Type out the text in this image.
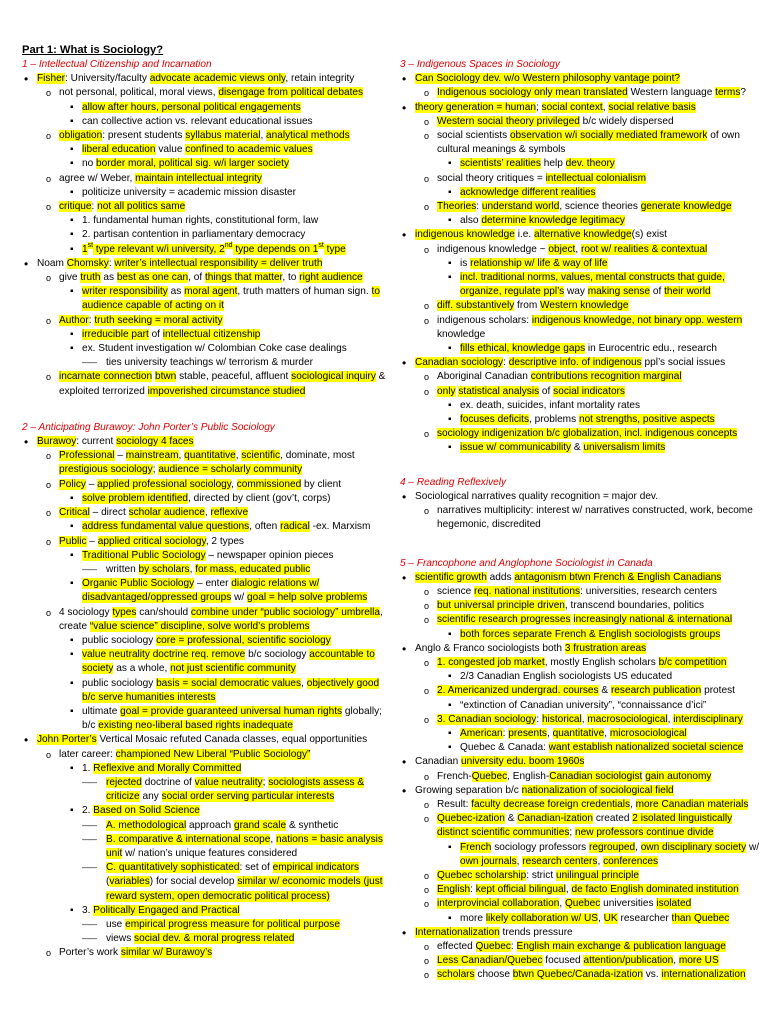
Part 1: What is Sociology?
1 – Intellectual Citizenship and Incarnation
• Fisher: University/faculty advocate academic views only, retain integrity
o not personal, political, moral views, disengage from political debates
▪ allow after hours, personal political engagements
▪ can collective action vs. relevant educational issues
o obligation: present students syllabus material, analytical methods
▪ liberal education value confined to academic values
▪ no border moral, political sig. w/i larger society
o agree w/ Weber, maintain intellectual integrity
▪ politicize university = academic mission disaster
o critique: not all politics same
▪ 1. fundamental human rights, constitutional form, law
▪ 2. partisan contention in parliamentary democracy
▪ 1st type relevant w/i university, 2nd type depends on 1st type
• Noam Chomsky: writer’s intellectual responsibility = deliver truth
o give truth as best as one can, of things that matter, to right audience
▪ writer responsibility as moral agent, truth matters of human sign. to audience capable of acting on it
o Author: truth seeking = moral activity
▪ irreducible part of intellectual citizenship
▪ ex. Student investigation w/ Colombian Coke case dealings
—— ties university teachings w/ terrorism & murder
o incarnate connection btwn stable, peaceful, affluent sociological inquiry & exploited terrorized impoverished circumstance studied
2 – Anticipating Burawoy: John Porter’s Public Sociology
• Burawoy: current sociology 4 faces
o Professional – mainstream, quantitative, scientific, dominate, most prestigious sociology; audience = scholarly community
o Policy – applied professional sociology, commissioned by client
▪ solve problem identified, directed by client (gov’t, corps)
o Critical – direct scholar audience, reflexive
▪ address fundamental value questions, often radical -ex. Marxism
o Public – applied critical sociology, 2 types
▪ Traditional Public Sociology – newspaper opinion pieces
—— written by scholars, for mass, educated public
▪ Organic Public Sociology – enter dialogic relations w/ disadvantaged/oppressed groups w/ goal = help solve problems
o 4 sociology types can/should combine under “public sociology” umbrella, create “value science” discipline, solve world’s problems
▪ public sociology core = professional, scientific sociology
▪ value neutrality doctrine req. remove b/c sociology accountable to society as a whole, not just scientific community
▪ public sociology basis = social democratic values, objectively good b/c serve humanities interests
▪ ultimate goal = provide guaranteed universal human rights globally; b/c existing neo-liberal based rights inadequate
• John Porter’s Vertical Mosaic refuted Canada classes, equal opportunities
o later career: championed New Liberal “Public Sociology”
▪ 1. Reflexive and Morally Committed
—— rejected doctrine of value neutrality; sociologists assess & criticize any social order serving particular interests
▪ 2. Based on Solid Science
—— A. methodological approach grand scale & synthetic
—— B. comparative & international scope, nations = basic analysis unit w/ nation’s unique features considered
—— C. quantitatively sophisticated: set of empirical indicators (variables) for social develop similar w/ economic models (just reward system, open democratic political process)
▪ 3. Politically Engaged and Practical
—— use empirical progress measure for political purpose
—— views social dev. & moral progress related
o Porter’s work similar w/ Burawoy’s
3 – Indigenous Spaces in Sociology
• Can Sociology dev. w/o Western philosophy vantage point?
o Indigenous sociology only mean translated Western language terms?
• theory generation = human; social context, social relative basis
o Western social theory privileged b/c widely dispersed
o social scientists observation w/i socially mediated framework of own cultural meanings & symbols
▪ scientists’ realities help dev. theory
o social theory critiques = intellectual colonialism
▪ acknowledge different realities
o Theories: understand world, science theories generate knowledge
▪ also determine knowledge legitimacy
• indigenous knowledge i.e. alternative knowledge(s) exist
o indigenous knowledge ~ object, root w/ realities & contextual
▪ is relationship w/ life & way of life
▪ incl. traditional norms, values, mental constructs that guide, organize, regulate ppl’s way making sense of their world
o diff. substantively from Western knowledge
o indigenous scholars: indigenous knowledge, not binary opp. western knowledge
▪ fills ethical, knowledge gaps in Eurocentric edu., research
• Canadian sociology: descriptive info. of indigenous ppl’s social issues
o Aboriginal Canadian contributions recognition marginal
o only statistical analysis of social indicators
▪ ex. death, suicides, infant mortality rates
▪ focuses deficits, problems not strengths, positive aspects
o sociology indigenization b/c globalization, incl. indigenous concepts
▪ issue w/ communicability & universalism limits
4 – Reading Reflexively
• Sociological narratives quality recognition = major dev.
o narratives multiplicity: interest w/ narratives constructed, work, become hegemonic, discredited
5 – Francophone and Anglophone Sociologist in Canada
• scientific growth adds antagonism btwn French & English Canadians
o science req. national institutions: universities, research centers
o but universal principle driven, transcend boundaries, politics
o scientific research progresses increasingly national & international
▪ both forces separate French & English sociologists groups
• Anglo & Franco sociologists both 3 frustration areas
o 1. congested job market, mostly English scholars b/c competition
▪ 2/3 Canadian English sociologists US educated
o 2. Americanized undergrad. courses & research publication protest
▪ “extinction of Canadian university”, “connaissance d’ici”
o 3. Canadian sociology: historical, macrosociological, interdisciplinary
▪ American: presents, quantitative, microsociological
▪ Quebec & Canada: want establish nationalized societal science
• Canadian university edu. boom 1960s
o French-Quebec, English-Canadian sociologist gain autonomy
• Growing separation b/c nationalization of sociological field
o Result: faculty decrease foreign credentials, more Canadian materials
o Quebec-ization & Canadian-ization created 2 isolated linguistically distinct scientific communities; new professors continue divide
▪ French sociology professors regrouped, own disciplinary society w/ own journals, research centers, conferences
o Quebec scholarship: strict unilingual principle
o English: kept official bilingual, de facto English dominated institution
o interprovincial collaboration, Quebec universities isolated
▪ more likely collaboration w/ US, UK researcher than Quebec
• Internationalization trends pressure
o effected Quebec: English main exchange & publication language
o Less Canadian/Quebec focused attention/publication, more US
o scholars choose btwn Quebec/Canada-ization vs. internationalization
